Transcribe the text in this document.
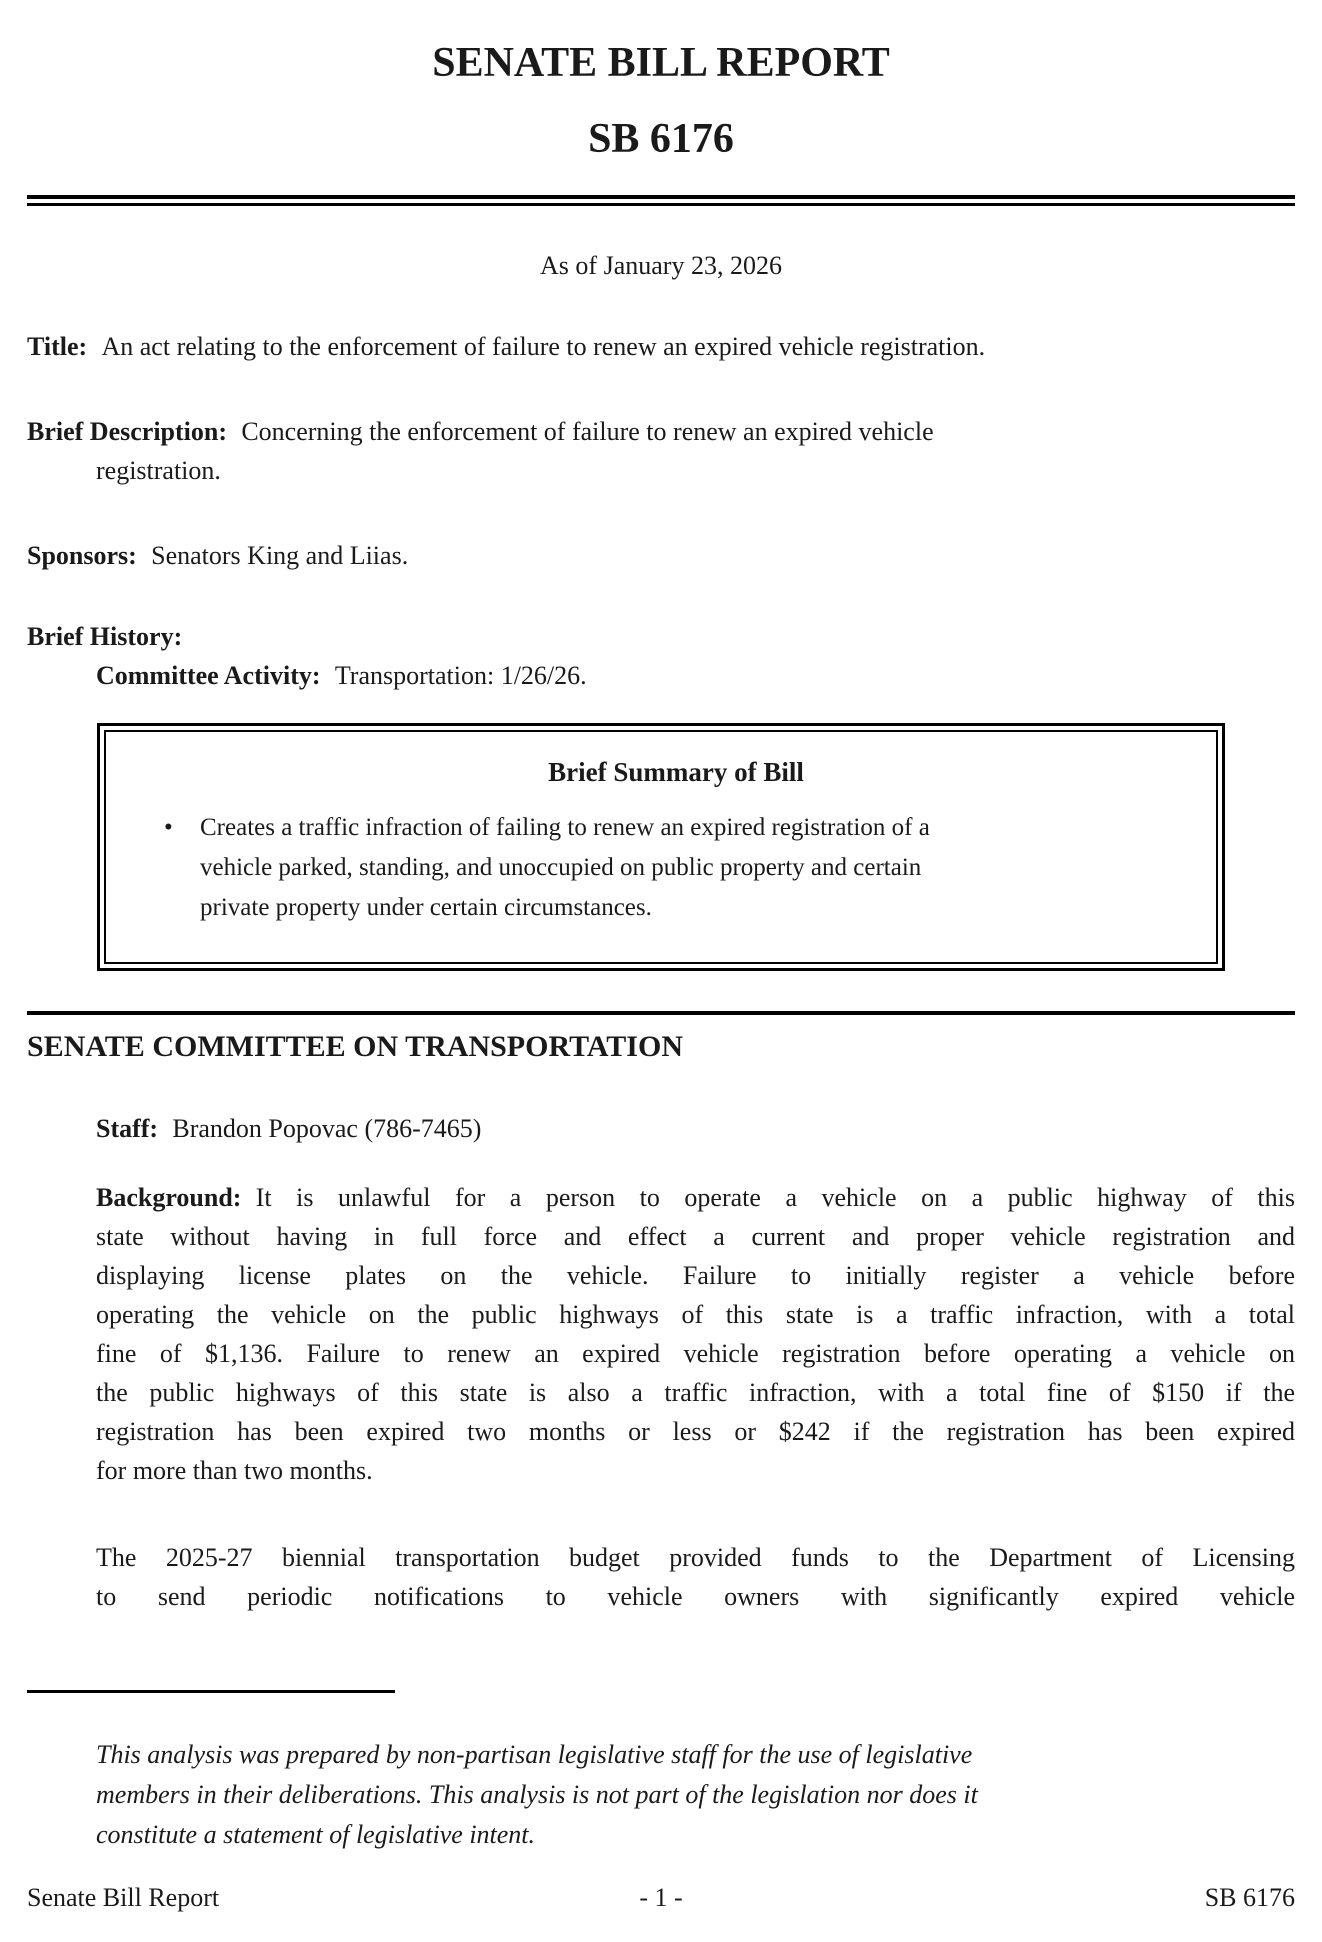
SENATE BILL REPORT
SB 6176
As of January 23, 2026
Title: An act relating to the enforcement of failure to renew an expired vehicle registration.
Brief Description: Concerning the enforcement of failure to renew an expired vehicle
registration.
Sponsors: Senators King and Liias.
Brief History:
Committee Activity: Transportation: 1/26/26.
Brief Summary of Bill
•	Creates a traffic infraction of failing to renew an expired registration of a
vehicle parked, standing, and unoccupied on public property and certain
private property under certain circumstances.
SENATE COMMITTEE ON TRANSPORTATION
Staff: Brandon Popovac (786-7465)
Background: It is unlawful for a person to operate a vehicle on a public highway of this
state without having in full force and effect a current and proper vehicle registration and
displaying license plates on the vehicle. Failure to initially register a vehicle before
operating the vehicle on the public highways of this state is a traffic infraction, with a total
fine of $1,136. Failure to renew an expired vehicle registration before operating a vehicle on
the public highways of this state is also a traffic infraction, with a total fine of $150 if the
registration has been expired two months or less or $242 if the registration has been expired
for more than two months.
The 2025-27 biennial transportation budget provided funds to the Department of Licensing
to send periodic notifications to vehicle owners with significantly expired vehicle
This analysis was prepared by non-partisan legislative staff for the use of legislative
members in their deliberations. This analysis is not part of the legislation nor does it
constitute a statement of legislative intent.
Senate Bill Report	- 1 -	SB 6176
